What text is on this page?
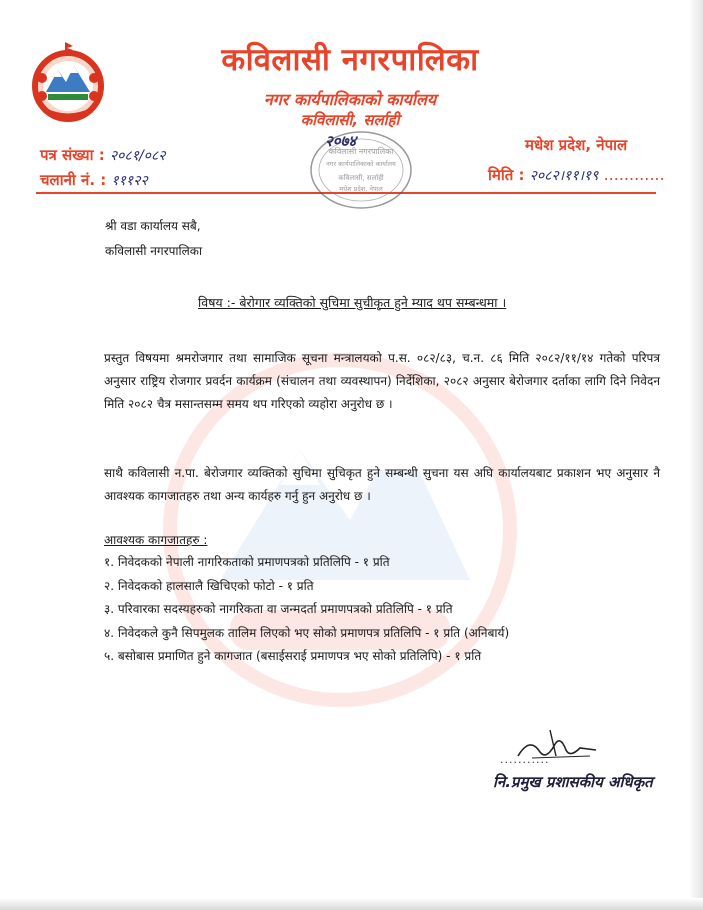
कविलासी नगरपालिका
नगर कार्यपालिकाको कार्यालय
कविलासी, सर्लाही
२०७४
पत्र संख्या : २०८१/०८२
चलानी नं. : १११२२
मधेश प्रदेश, नेपाल
मिति : २०८२।११।१९ ............
कविलासी नगरपालिका
नगर कार्यपालिकाको कार्यालय
कविलासी, सर्लाही
मधेश प्रदेश, नेपाल
श्री वडा कार्यालय सबै,
कविलासी नगरपालिका
विषय :- बेरोगार व्यक्तिको सुचिमा सुचीकृत हुने म्याद थप सम्बन्धमा ।
प्रस्तुत विषयमा श्रमरोजगार तथा सामाजिक सूचना मन्त्रालयको प.स. ०८२/८३, च.न. ८६ मिति २०८२/११/१४ गतेको परिपत्र अनुसार राष्ट्रिय रोजगार प्रवर्दन कार्यक्रम (संचालन तथा व्यवस्थापन) निर्देशिका, २०८२ अनुसार बेरोजगार दर्ताका लागि दिने निवेदन मिति २०८२ चैत्र मसान्तसम्म समय थप गरिएको व्यहोरा अनुरोध छ ।
साथै कविलासी न.पा. बेरोजगार व्यक्तिको सुचिमा सुचिकृत हुने सम्बन्धी सुचना यस अघि कार्यालयबाट प्रकाशन भए अनुसार नै आवश्यक कागजातहरु तथा अन्य कार्यहरु गर्नु हुन अनुरोध छ ।
आवश्यक कागजातहरु :
१. निवेदकको नेपाली नागरिकताको प्रमाणपत्रको प्रतिलिपि - १ प्रति
२. निवेदकको हालसालै खिचिएको फोटो - १ प्रति
३. परिवारका सदस्यहरुको नागरिकता वा जन्मदर्ता प्रमाणपत्रको प्रतिलिपि - १ प्रति
४. निवेदकले कुनै सिपमुलक तालिम लिएको भए सोको प्रमाणपत्र प्रतिलिपि - १ प्रति (अनिबार्य)
५. बसोबास प्रमाणित हुने कागजात (बसाईसराई प्रमाणपत्र भए सोको प्रतिलिपि) - १ प्रति
...........
नि.प्रमुख प्रशासकीय अधिकृत
